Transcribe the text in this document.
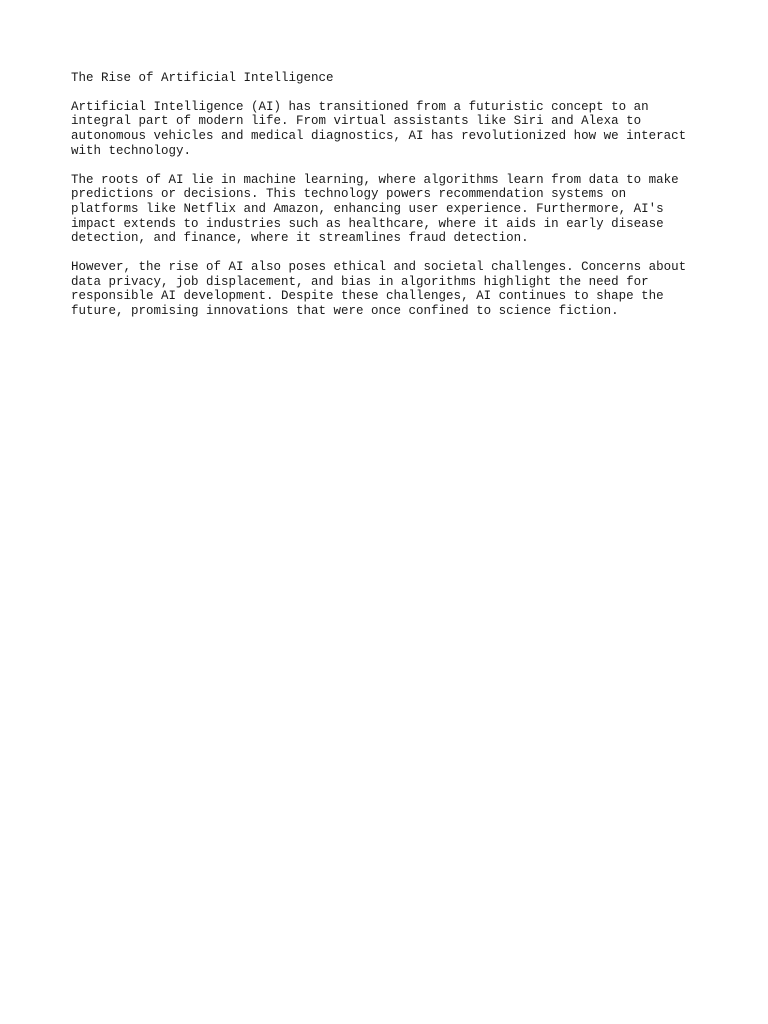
The Rise of Artificial Intelligence

Artificial Intelligence (AI) has transitioned from a futuristic concept to an
integral part of modern life. From virtual assistants like Siri and Alexa to
autonomous vehicles and medical diagnostics, AI has revolutionized how we interact
with technology.

The roots of AI lie in machine learning, where algorithms learn from data to make
predictions or decisions. This technology powers recommendation systems on
platforms like Netflix and Amazon, enhancing user experience. Furthermore, AI's
impact extends to industries such as healthcare, where it aids in early disease
detection, and finance, where it streamlines fraud detection.

However, the rise of AI also poses ethical and societal challenges. Concerns about
data privacy, job displacement, and bias in algorithms highlight the need for
responsible AI development. Despite these challenges, AI continues to shape the
future, promising innovations that were once confined to science fiction.
